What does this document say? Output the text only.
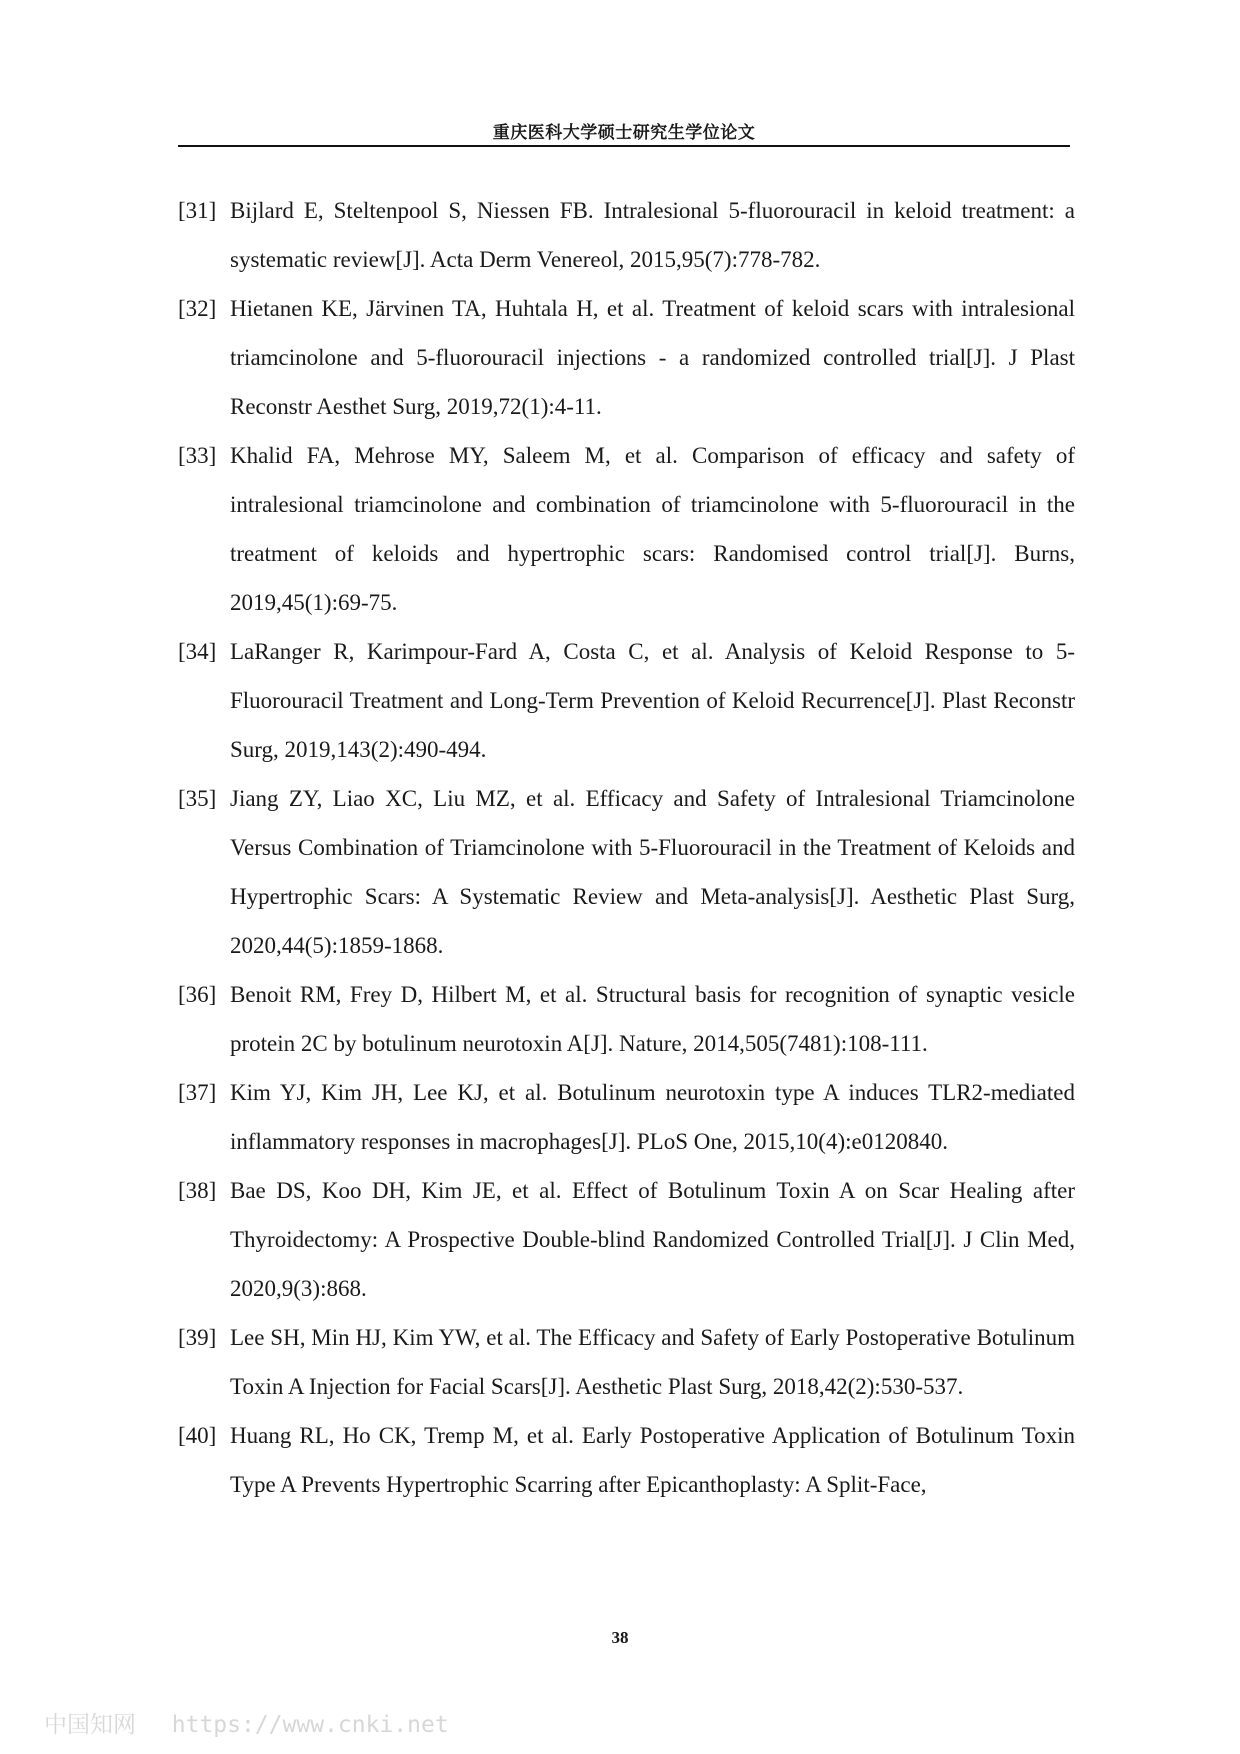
重庆医科大学硕士研究生学位论文
[31] Bijlard E, Steltenpool S, Niessen FB. Intralesional 5-fluorouracil in keloid treatment: a systematic review[J]. Acta Derm Venereol, 2015,95(7):778-782.
[32] Hietanen KE, Järvinen TA, Huhtala H, et al. Treatment of keloid scars with intralesional triamcinolone and 5-fluorouracil injections - a randomized controlled trial[J]. J Plast Reconstr Aesthet Surg, 2019,72(1):4-11.
[33] Khalid FA, Mehrose MY, Saleem M, et al. Comparison of efficacy and safety of intralesional triamcinolone and combination of triamcinolone with 5-fluorouracil in the treatment of keloids and hypertrophic scars: Randomised control trial[J]. Burns, 2019,45(1):69-75.
[34] LaRanger R, Karimpour-Fard A, Costa C, et al. Analysis of Keloid Response to 5-Fluorouracil Treatment and Long-Term Prevention of Keloid Recurrence[J]. Plast Reconstr Surg, 2019,143(2):490-494.
[35] Jiang ZY, Liao XC, Liu MZ, et al. Efficacy and Safety of Intralesional Triamcinolone Versus Combination of Triamcinolone with 5-Fluorouracil in the Treatment of Keloids and Hypertrophic Scars: A Systematic Review and Meta-analysis[J]. Aesthetic Plast Surg, 2020,44(5):1859-1868.
[36] Benoit RM, Frey D, Hilbert M, et al. Structural basis for recognition of synaptic vesicle protein 2C by botulinum neurotoxin A[J]. Nature, 2014,505(7481):108-111.
[37] Kim YJ, Kim JH, Lee KJ, et al. Botulinum neurotoxin type A induces TLR2-mediated inflammatory responses in macrophages[J]. PLoS One, 2015,10(4):e0120840.
[38] Bae DS, Koo DH, Kim JE, et al. Effect of Botulinum Toxin A on Scar Healing after Thyroidectomy: A Prospective Double-blind Randomized Controlled Trial[J]. J Clin Med, 2020,9(3):868.
[39] Lee SH, Min HJ, Kim YW, et al. The Efficacy and Safety of Early Postoperative Botulinum Toxin A Injection for Facial Scars[J]. Aesthetic Plast Surg, 2018,42(2):530-537.
[40] Huang RL, Ho CK, Tremp M, et al. Early Postoperative Application of Botulinum Toxin Type A Prevents Hypertrophic Scarring after Epicanthoplasty: A Split-Face,
38
中国知网 https://www.cnki.net
